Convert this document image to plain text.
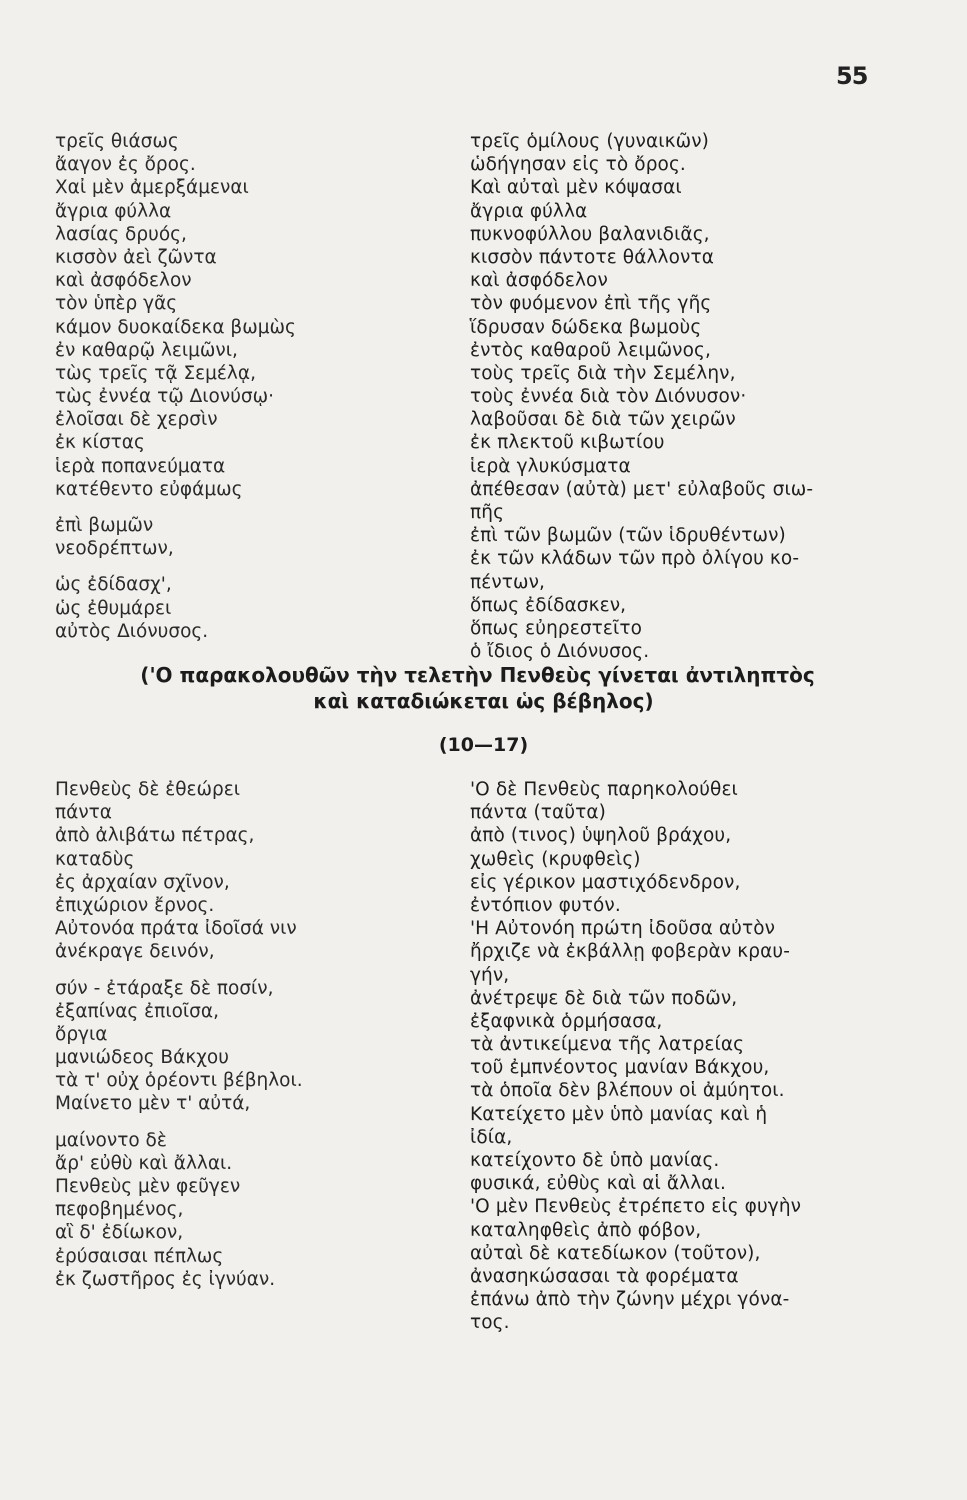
55
τρεῖς θιάσως
ἄαγον ἐς ὄρος.
Χαἰ μὲν ἀμερξάμεναι
ἄγρια φύλλα
λασίας δρυός,
κισσὸν ἀεὶ ζῶντα
καὶ ἀσφόδελον
τὸν ὑπὲρ γᾶς
κάμον δυοκαίδεκα βωμὼς
ἐν καθαρῷ λειμῶνι,
τὼς τρεῖς τᾷ Σεμέλᾳ,
τὼς ἐννέα τῷ Διονύσῳ·
ἐλοῖσαι δὲ χερσὶν
ἐκ κίστας
ἱερὰ ποπανεύματα
κατέθεντο εὐφάμως
ἐπὶ βωμῶν
νεοδρέπτων,
ὡς ἐδίδασχ',
ὡς ἐθυμάρει
αὐτὸς Διόνυσος.
τρεῖς ὁμίλους (γυναικῶν)
ὡδήγησαν εἰς τὸ ὄρος.
Καὶ αὐταὶ μὲν κόψασαι
ἄγρια φύλλα
πυκνοφύλλου βαλανιδιᾶς,
κισσὸν πάντοτε θάλλοντα
καὶ ἀσφόδελον
τὸν φυόμενον ἐπὶ τῆς γῆς
ἵδρυσαν δώδεκα βωμοὺς
ἐντὸς καθαροῦ λειμῶνος,
τοὺς τρεῖς διὰ τὴν Σεμέλην,
τοὺς ἐννέα διὰ τὸν Διόνυσον·
λαβοῦσαι δὲ διὰ τῶν χειρῶν
ἐκ πλεκτοῦ κιβωτίου
ἱερὰ γλυκύσματα
ἀπέθεσαν (αὐτὰ) μετ' εὐλαβοῦς σιω-
πῆς
ἐπὶ τῶν βωμῶν (τῶν ἱδρυθέντων)
ἐκ τῶν κλάδων τῶν πρὸ ὀλίγου κο-
πέντων,
ὅπως ἐδίδασκεν,
ὅπως εὐηρεστεῖτο
ὁ ἴδιος ὁ Διόνυσος.
('Ο παρακολουθῶν τὴν τελετὴν Πενθεὺς γίνεται ἀντιληπτὸς
καὶ καταδιώκεται ὡς βέβηλος)
(10—17)
Πενθεὺς δὲ ἐθεώρει
πάντα
ἀπὸ ἀλιβάτω πέτρας,
καταδὺς
ἐς ἀρχαίαν σχῖνον,
ἐπιχώριον ἔρνος.
Αὐτονόα πράτα ἰδοῖσά νιν
ἀνέκραγε δεινόν,
σύν - ἐτάραξε δὲ ποσίν,
ἐξαπίνας ἐπιοῖσα,
ὄργια
μανιώδεος Βάκχου
τὰ τ' οὐχ ὁρέοντι βέβηλοι.
Μαίνετο μὲν τ' αὐτά,
μαίνοντο δὲ
ἄρ' εὐθὺ καὶ ἄλλαι.
Πενθεὺς μὲν φεῦγεν
πεφοβημένος,
αἳ δ' ἐδίωκον,
ἐρύσαισαι πέπλως
ἐκ ζωστῆρος ἐς ἰγνύαν.
'Ο δὲ Πενθεὺς παρηκολούθει
πάντα (ταῦτα)
ἀπὸ (τινος) ὑψηλοῦ βράχου,
χωθεὶς (κρυφθεὶς)
εἰς γέρικον μαστιχόδενδρον,
ἐντόπιον φυτόν.
'Η Αὐτονόη πρώτη ἰδοῦσα αὐτὸν
ἤρχιζε νὰ ἐκβάλλῃ φοβερὰν κραυ-
γήν,
ἀνέτρεψε δὲ διὰ τῶν ποδῶν,
ἐξαφνικὰ ὁρμήσασα,
τὰ ἀντικείμενα τῆς λατρείας
τοῦ ἐμπνέοντος μανίαν Βάκχου,
τὰ ὁποῖα δὲν βλέπουν οἱ ἀμύητοι.
Κατείχετο μὲν ὑπὸ μανίας καὶ ἡ
ἰδία,
κατείχοντο δὲ ὑπὸ μανίας.
φυσικά, εὐθὺς καὶ αἱ ἄλλαι.
'Ο μὲν Πενθεὺς ἐτρέπετο εἰς φυγὴν
καταληφθεὶς ἀπὸ φόβον,
αὐταὶ δὲ κατεδίωκον (τοῦτον),
ἀνασηκώσασαι τὰ φορέματα
ἐπάνω ἀπὸ τὴν ζώνην μέχρι γόνα-
τος.
